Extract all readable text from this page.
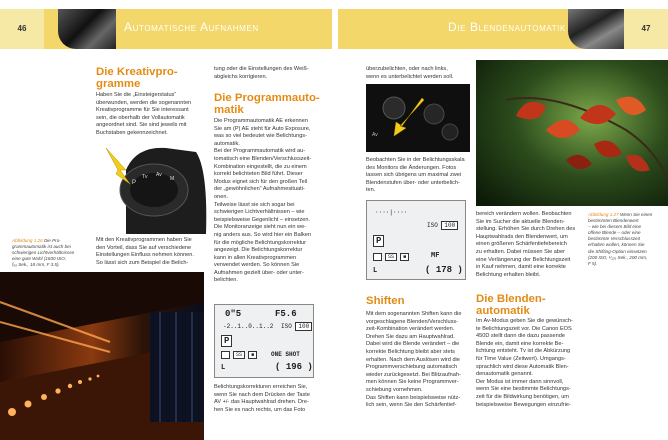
46	Automatische Aufnahmen	Die Blendenautomatik	47
Die Kreativpro-
gramme

Haben Sie die „Einsteigerstatus“

überwunden, werden die sogenannten

Kreativprogramme für Sie interessant

sein, die oberhalb der Vollautomatik

angeordnet sind. Sie sind jeweils mit

Buchstaben gekennzeichnet.

P
Tv Av
M
Abbildung 1.26 Die Pro-
grammautomatik ist auch bei
schwierigen Lichtverhältnissen
eine gute Wahl (1600 ISO,
f₅₅ Sek., 18 mm, F 3.5).

Mit den Kreativprogrammen haben Sie

den Vorteil, dass Sie auf verschiedene

Einstellungen Einfluss nehmen können.

So lässt sich zum Beispiel die Belich-

tung oder die Einstellungen des Weiß-

abgleichs korrigieren.

Die Programmauto-
matik

Die Programmautomatik AE erkennen

Sie am (P) AE steht für Auto Exposure,

was so viel bedeutet wie Belichtungs-

automatik.

Bei der Programmautomatik wird au-

tomatisch eine Blenden/Verschlusszeit-

Kombination eingestellt, die zu einem

korrekt belichteten Bild führt. Dieser

Modus eignet sich für den großen Teil

der „gewöhnlichen“ Aufnahmesituati-

onen.

Teilweise lässt sie sich sogar bei

schwierigen Lichtverhältnissen – wie

beispielsweise Gegenlicht – einsetzen.

Die Monitoranzeige sieht nun ein we-

nig anders aus. So wird hier ein Balken

für die mögliche Belichtungskorrektur

angezeigt. Die Belichtungskorrektur

kann in allen Kreativprogrammen

verwendet werden. So können Sie

Aufnahmen gezielt über- oder unter-

belichten.

0"5	F5.6
-2..1..0..1..2 ISO 100
P
SS ■	ONE SHOT
L	( 196 )

Belichtungskorrekturen erreichen Sie,

wenn Sie nach dem Drücken der Taste

AV +/- das Hauptwahlrad drehen. Dre-

hen Sie es nach rechts, um das Foto

überzubelichten, oder nach links,

wenn es unterbelichtet werden soll.

Av

Beobachten Sie in der Belichtungsskala

des Monitors die Änderungen. Fotos

lassen sich übrigens um maximal zwei

Blendenstufen über- oder unterbelich-

ten.

····|····
ISO 100
P
SS ■	MF
L	( 178 )
Shiften

Mit dem sogenannten Shiften kann die

vorgeschlagene Blenden/Verschluss-

zeit-Kombination verändert werden.

Drehen Sie dazu am Hauptwahlrad.

Dabei wird die Blende verändert – die

korrekte Belichtung bleibt aber stets

erhalten. Nach dem Auslösen wird die

Programmverschiebung automatisch

wieder zurückgesetzt. Bei Blitzaufnah-

men können Sie keine Programmver-

schiebung vornehmen.

Das Shiften kann beispielsweise nütz-

lich sein, wenn Sie den Schärfentief-

Abbildung 1.27 Wenn Sie einen
bestimmten Blendenwert
– wie bei diesem Bild eine
offene Blende – oder eine
bestimmte Verschlusszeit
erhalten wollen, können Sie
die Shifting-Option einsetzen
(200 ISO, ¹⁄₁₂₅ Sek., 200 mm,
F 5).

bereich verändern wollen. Beobachten

Sie im Sucher die aktuelle Blenden-

stellung. Erhöhen Sie durch Drehen des

Hauptwahlrads den Blendenwert, um

einen größeren Schärfentiefebereich

zu erhalten. Dabei müssen Sie aber

eine Verlängerung der Belichtungszeit

in Kauf nehmen, damit eine korrekte

Belichtung erhalten bleibt.

Die Blenden-
automatik

Im Av-Modus geben Sie die gewünsch-

te Belichtungszeit vor. Die Canon EOS

450D stellt dann die dazu passende

Blende ein, damit eine korrekte Be-

lichtung entsteht. Tv ist die Abkürzung

für Time Value (Zeitwert). Umgangs-

sprachlich wird diese Automatik Blen-

denautomatik genannt.

Der Modus ist immer dann sinnvoll,

wenn Sie eine bestimmte Belichtungs-

zeit für die Bildwirkung benötigen, um

beispielsweise Bewegungen einzufrie-
